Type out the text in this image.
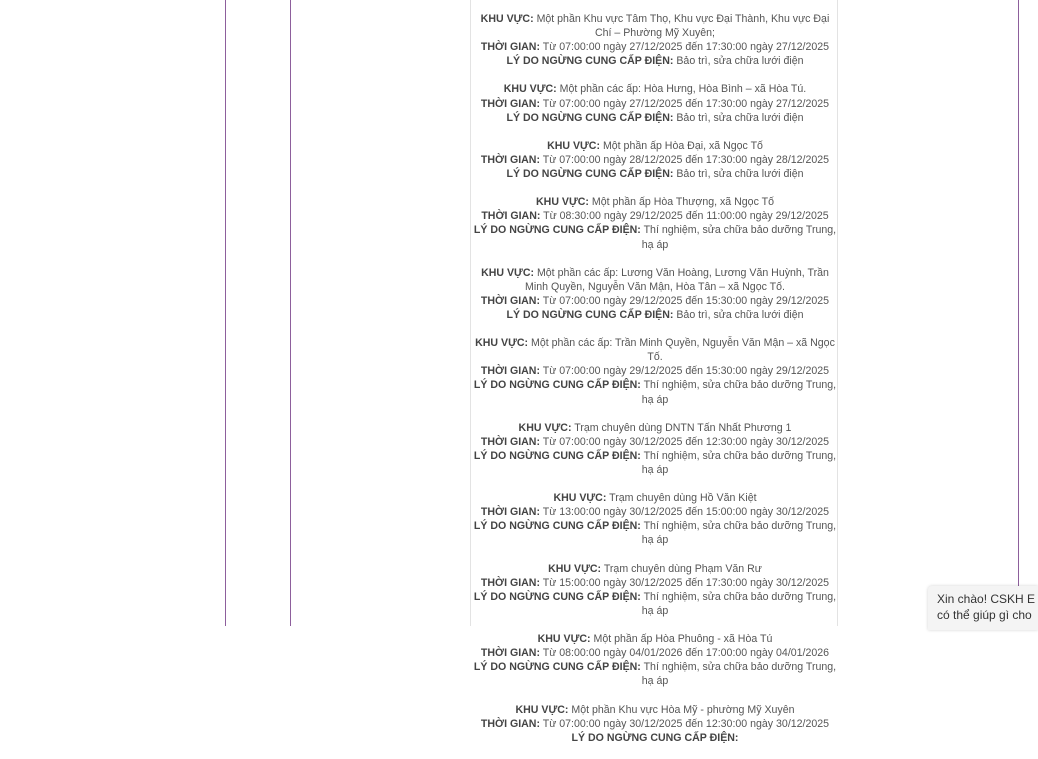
KHU VỰC: Một phần Khu vực Tâm Thọ, Khu vực Đại Thành, Khu vực Đại Chí – Phường Mỹ Xuyên;
THỜI GIAN: Từ 07:00:00 ngày 27/12/2025 đến 17:30:00 ngày 27/12/2025
LÝ DO NGỪNG CUNG CẤP ĐIỆN: Bảo trì, sửa chữa lưới điện
KHU VỰC: Một phần các ấp: Hòa Hưng, Hòa Bình – xã Hòa Tú.
THỜI GIAN: Từ 07:00:00 ngày 27/12/2025 đến 17:30:00 ngày 27/12/2025
LÝ DO NGỪNG CUNG CẤP ĐIỆN: Bảo trì, sửa chữa lưới điện
KHU VỰC: Một phần ấp Hòa Đại, xã Ngọc Tố
THỜI GIAN: Từ 07:00:00 ngày 28/12/2025 đến 17:30:00 ngày 28/12/2025
LÝ DO NGỪNG CUNG CẤP ĐIỆN: Bảo trì, sửa chữa lưới điện
KHU VỰC: Một phần ấp Hòa Thượng, xã Ngọc Tố
THỜI GIAN: Từ 08:30:00 ngày 29/12/2025 đến 11:00:00 ngày 29/12/2025
LÝ DO NGỪNG CUNG CẤP ĐIỆN: Thí nghiệm, sửa chữa bảo dưỡng Trung, hạ áp
KHU VỰC: Một phần các ấp: Lương Văn Hoàng, Lương Văn Huỳnh, Trần Minh Quyền, Nguyễn Văn Mận, Hòa Tân – xã Ngọc Tố.
THỜI GIAN: Từ 07:00:00 ngày 29/12/2025 đến 15:30:00 ngày 29/12/2025
LÝ DO NGỪNG CUNG CẤP ĐIỆN: Bảo trì, sửa chữa lưới điện
KHU VỰC: Một phần các ấp: Trần Minh Quyền, Nguyễn Văn Mận – xã Ngọc Tố.
THỜI GIAN: Từ 07:00:00 ngày 29/12/2025 đến 15:30:00 ngày 29/12/2025
LÝ DO NGỪNG CUNG CẤP ĐIỆN: Thí nghiệm, sửa chữa bảo dưỡng Trung, hạ áp
KHU VỰC: Trạm chuyên dùng DNTN Tấn Nhất Phương 1
THỜI GIAN: Từ 07:00:00 ngày 30/12/2025 đến 12:30:00 ngày 30/12/2025
LÝ DO NGỪNG CUNG CẤP ĐIỆN: Thí nghiệm, sửa chữa bảo dưỡng Trung, hạ áp
KHU VỰC: Trạm chuyên dùng Hồ Văn Kiệt
THỜI GIAN: Từ 13:00:00 ngày 30/12/2025 đến 15:00:00 ngày 30/12/2025
LÝ DO NGỪNG CUNG CẤP ĐIỆN: Thí nghiệm, sửa chữa bảo dưỡng Trung, hạ áp
KHU VỰC: Trạm chuyên dùng Phạm Văn Rư
THỜI GIAN: Từ 15:00:00 ngày 30/12/2025 đến 17:30:00 ngày 30/12/2025
LÝ DO NGỪNG CUNG CẤP ĐIỆN: Thí nghiệm, sửa chữa bảo dưỡng Trung, hạ áp
KHU VỰC: Một phần ấp Hòa Phuông - xã Hòa Tú
THỜI GIAN: Từ 08:00:00 ngày 04/01/2026 đến 17:00:00 ngày 04/01/2026
LÝ DO NGỪNG CUNG CẤP ĐIỆN: Thí nghiệm, sửa chữa bảo dưỡng Trung, hạ áp
KHU VỰC: Một phần Khu vực Hòa Mỹ - phường Mỹ Xuyên
THỜI GIAN: Từ 07:00:00 ngày 30/12/2025 đến 12:30:00 ngày 30/12/2025
LÝ DO NGỪNG CUNG CẤP ĐIỆN:
Xin chào! CSKH E
có thể giúp gì cho
